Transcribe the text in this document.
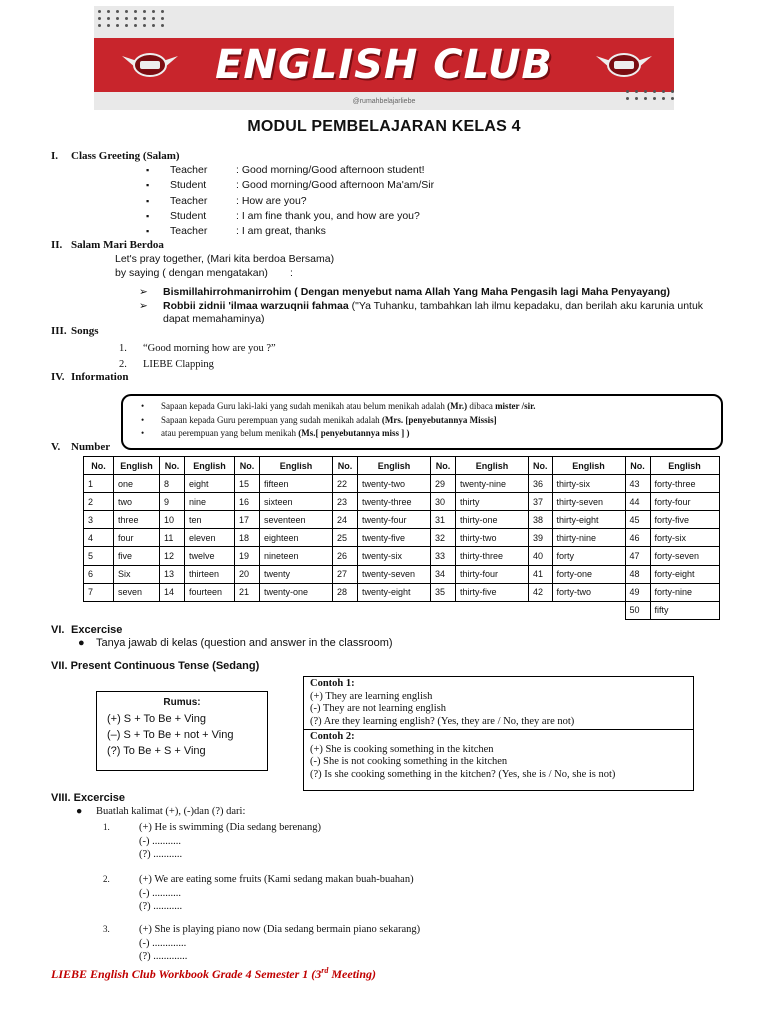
ENGLISH CLUB
@rumahbelajarliebe
MODUL PEMBELAJARAN KELAS 4
I. Class Greeting (Salam)
▪ Teacher	: Good morning/Good afternoon student!
▪ Student	: Good morning/Good afternoon Ma'am/Sir
▪ Teacher	: How are you?
▪ Student	: I am fine thank you, and how are you?
▪ Teacher	: I am great, thanks
II. Salam Mari Berdoa
Let's pray together, (Mari kita berdoa Bersama)
by saying ( dengan mengatakan) :
➢ Bismillahirrohmanirrohim ( Dengan menyebut nama Allah Yang Maha Pengasih lagi Maha Penyayang)
➢ Robbii zidnii 'ilmaa warzuqnii fahmaa ("Ya Tuhanku, tambahkan lah ilmu kepadaku, dan berilah aku karunia untuk
dapat memahaminya)
III. Songs
1. “Good morning how are you ?”
2. LIEBE Clapping
IV. Information
• Sapaan kepada Guru laki-laki yang sudah menikah atau belum menikah adalah (Mr.) dibaca mister /sir.
• Sapaan kepada Guru perempuan yang sudah menikah adalah (Mrs. [penyebutannya Missis]
• atau perempuan yang belum menikah (Ms.[ penyebutannya miss ] )
V. Number
No.	English	No.	English	No.	English	No.	English	No.	English	No.	English	No.	English
1	one	8	eight	15	fifteen	22	twenty-two	29	twenty-nine	36	thirty-six	43	forty-three
2	two	9	nine	16	sixteen	23	twenty-three	30	thirty	37	thirty-seven	44	forty-four
3	three	10	ten	17	seventeen	24	twenty-four	31	thirty-one	38	thirty-eight	45	forty-five
4	four	11	eleven	18	eighteen	25	twenty-five	32	thirty-two	39	thirty-nine	46	forty-six
5	five	12	twelve	19	nineteen	26	twenty-six	33	thirty-three	40	forty	47	forty-seven
6	Six	13	thirteen	20	twenty	27	twenty-seven	34	thirty-four	41	forty-one	48	forty-eight
7	seven	14	fourteen	21	twenty-one	28	twenty-eight	35	thirty-five	42	forty-two	49	forty-nine
												50	fifty
VI. Excercise
● Tanya jawab di kelas (question and answer in the classroom)
VII. Present Continuous Tense (Sedang)
Rumus:
(+) S + To Be + Ving
(–) S + To Be + not + Ving
(?) To Be + S + Ving
Contoh 1:
(+) They are learning english
(-) They are not learning english
(?) Are they learning english? (Yes, they are / No, they are not)
Contoh 2:
(+) She is cooking something in the kitchen
(-) She is not cooking something in the kitchen
(?) Is she cooking something in the kitchen? (Yes, she is / No, she is not)
VIII. Excercise
● Buatlah kalimat (+), (-)dan (?) dari:
1.	(+) He is swimming (Dia sedang berenang)
(-) ...........
(?) ...........
2.	(+) We are eating some fruits (Kami sedang makan buah-buahan)
(-) ...........
(?) ...........
3.	(+) She is playing piano now (Dia sedang bermain piano sekarang)
(-) .............
(?) .............
LIEBE English Club Workbook Grade 4 Semester 1 (3rd Meeting)
